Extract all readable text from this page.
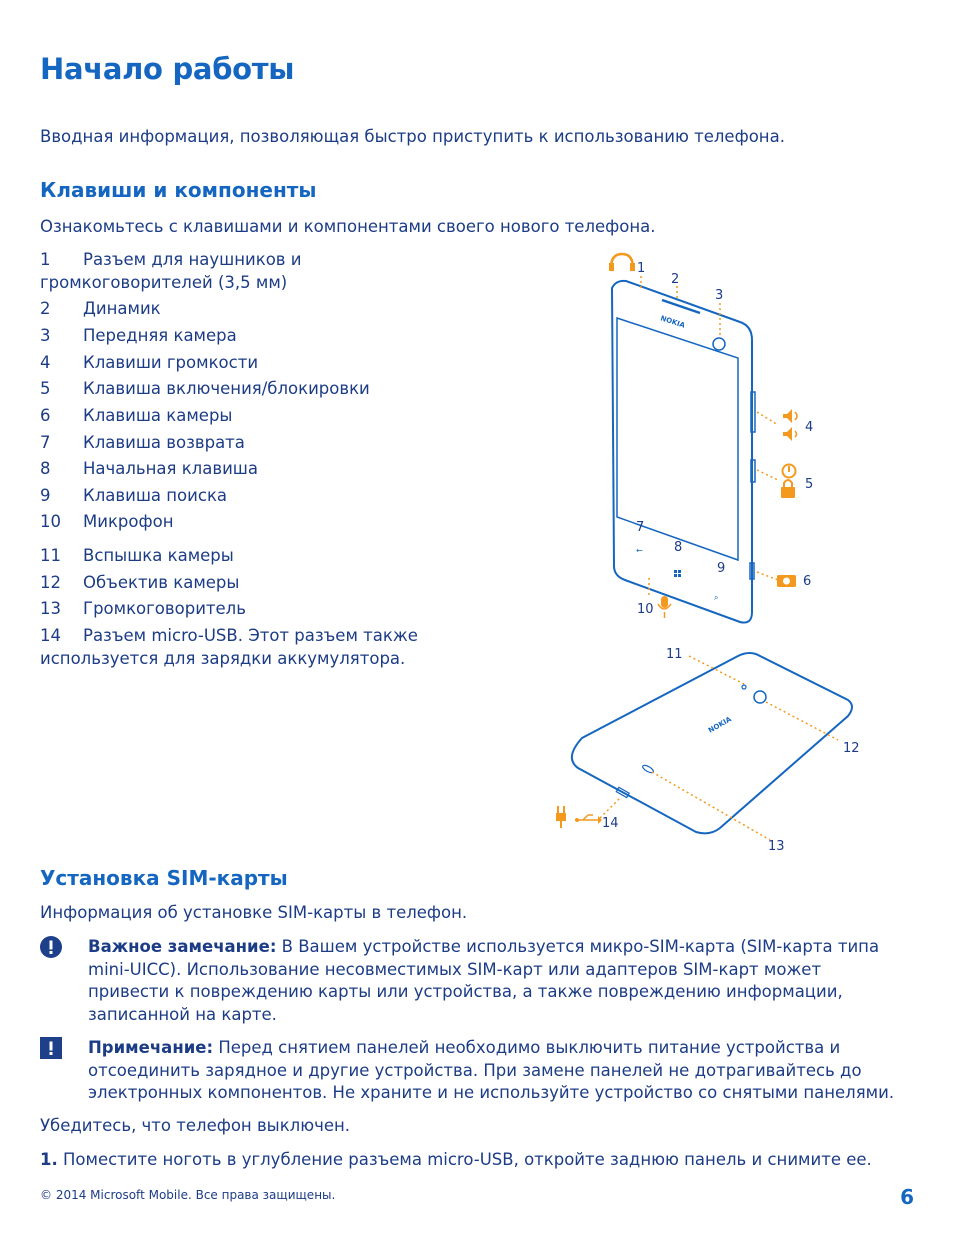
Начало работы

Вводная информация, позволяющая быстро приступить к использованию телефона.

Клавиши и компоненты

Ознакомьтесь с клавишами и компонентами своего нового телефона.

1 Разъем для наушников и
громкоговорителей (3,5 мм)
2 Динамик
3 Передняя камера
4 Клавиши громкости
5 Клавиша включения/блокировки
6 Клавиша камеры
7 Клавиша возврата
8 Начальная клавиша
9 Клавиша поиска
10 Микрофон
11 Вспышка камеры
12 Объектив камеры
13 Громкоговоритель
14 Разъем micro-USB. Этот разъем также
используется для зарядки аккумулятора.
←
⌕
NOKIA
NOKIA
1
2
3
4
5
6
7
8
9
10
11
12
13
14
Установка SIM-карты

Информация об установке SIM-карты в телефон.

Важное замечание: В Вашем устройстве используется микро-SIM-карта (SIM-карта типа
mini-UICC). Использование несовместимых SIM-карт или адаптеров SIM-карт может
привести к повреждению карты или устройства, а также повреждению информации,
записанной на карте.
Примечание: Перед снятием панелей необходимо выключить питание устройства и
отсоединить зарядное и другие устройства. При замене панелей не дотрагивайтесь до
электронных компонентов. Не храните и не используйте устройство со снятыми панелями.

Убедитесь, что телефон выключен.

1. Поместите ноготь в углубление разъема micro-USB, откройте заднюю панель и снимите ее.

© 2014 Microsoft Mobile. Все права защищены.	6
